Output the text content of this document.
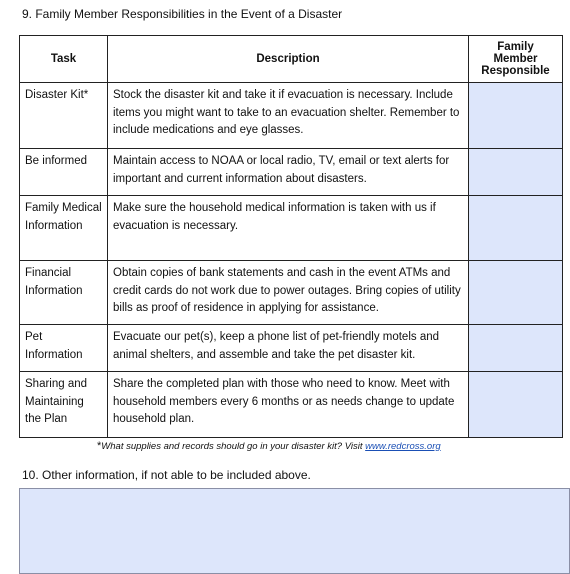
9. Family Member Responsibilities in the Event of a Disaster
Task	Description	Family Member Responsible
Disaster Kit*	Stock the disaster kit and take it if evacuation is necessary. Include items you might want to take to an evacuation shelter. Remember to include medications and eye glasses.	
Be informed	Maintain access to NOAA or local radio, TV, email or text alerts for important and current information about disasters.	
Family Medical Information	Make sure the household medical information is taken with us if evacuation is necessary.	
Financial Information	Obtain copies of bank statements and cash in the event ATMs and credit cards do not work due to power outages. Bring copies of utility bills as proof of residence in applying for assistance.	
Pet Information	Evacuate our pet(s), keep a phone list of pet-friendly motels and animal shelters, and assemble and take the pet disaster kit.	
Sharing and Maintaining the Plan	Share the completed plan with those who need to know. Meet with household members every 6 months or as needs change to update household plan.	
*What supplies and records should go in your disaster kit? Visit www.redcross.org
10. Other information, if not able to be included above.
